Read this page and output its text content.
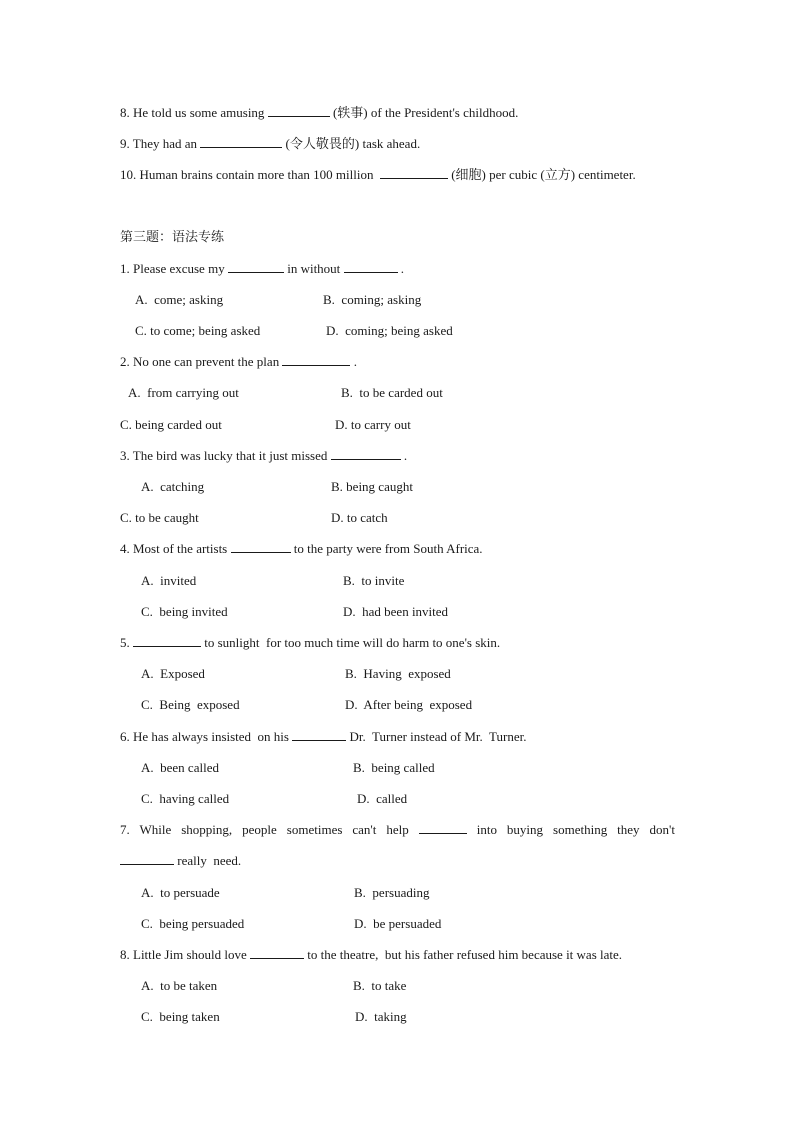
8. He told us some amusing	(轶事) of the President's childhood.
9. They had an	(令人敬畏的) task ahead.
10. Human brains contain more than 100 million	(细胞) per cubic (立方) centimeter.
第三题：语法专练
1. Please excuse my	in without	.
A.  come; asking	B.  coming; asking
C. to come; being asked	D.  coming; being asked
2. No one can prevent the plan	.
A.  from carrying out	B.  to be carded out
C. being carded out	D. to carry out
3. The bird was lucky that it just missed	.
A.  catching	B. being caught
C. to be caught	D. to catch
4. Most of the artists	to the party were from South Africa.
A.  invited	B.  to invite
C.  being invited	D.  had been invited
5.	to sunlight  for too much time will do harm to one's skin.
A.  Exposed	B.  Having  exposed
C.  Being  exposed	D.  After being  exposed
6. He has always insisted  on his	Dr.  Turner instead of Mr.  Turner.
A.  been called	B.  being called
C.  having called	D.  called
7. While shopping, people sometimes can't help	into buying something they don't
really  need.
A.  to persuade	B.  persuading
C.  being persuaded	D.  be persuaded
8. Little Jim should love	to the theatre,  but his father refused him because it was late.
A.  to be taken	B.  to take
C.  being taken	D.  taking
